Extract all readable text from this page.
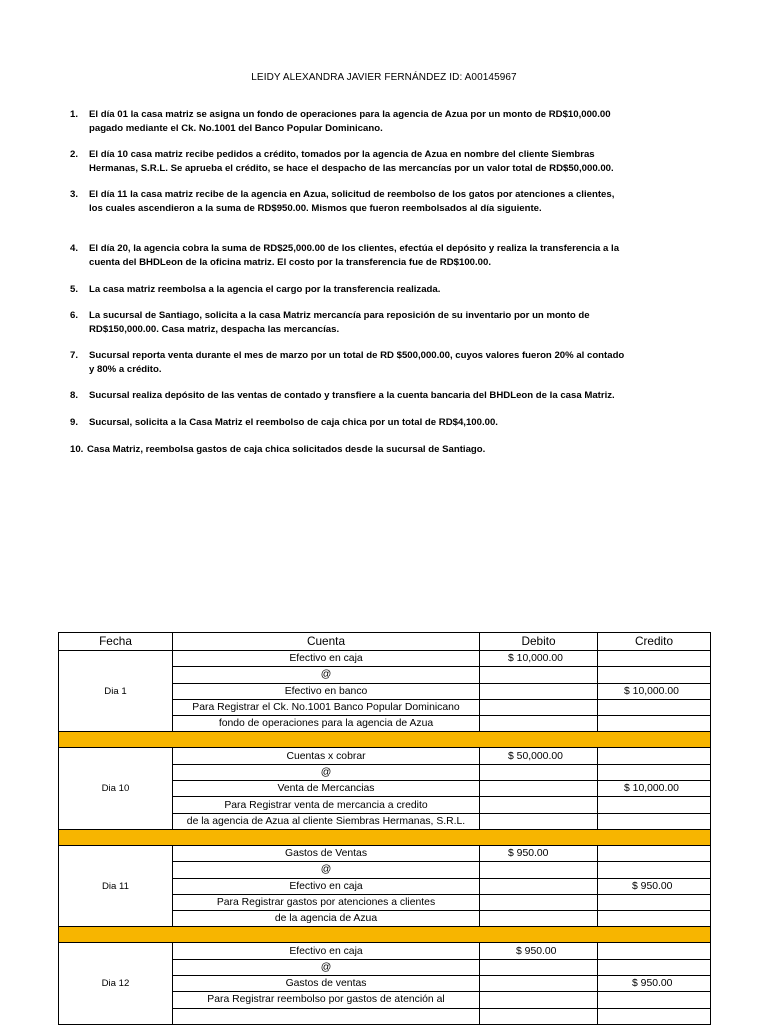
LEIDY ALEXANDRA JAVIER FERNÁNDEZ ID: A00145967
1.	El día 01 la casa matriz se asigna un fondo de operaciones para la agencia de Azua por un monto de RD$10,000.00
pagado mediante el Ck. No.1001 del Banco Popular Dominicano.
2.	El día 10 casa matriz recibe pedidos a crédito, tomados por la agencia de Azua en nombre del cliente Siembras
Hermanas, S.R.L. Se aprueba el crédito, se hace el despacho de las mercancías por un valor total de RD$50,000.00.
3.	El día 11 la casa matriz recibe de la agencia en Azua, solicitud de reembolso de los gatos por atenciones a clientes,
los cuales ascendieron a la suma de RD$950.00. Mismos que fueron reembolsados al día siguiente.
4.	El día 20, la agencia cobra la suma de RD$25,000.00 de los clientes, efectúa el depósito y realiza la transferencia a la
cuenta del BHDLeon de la oficina matriz. El costo por la transferencia fue de RD$100.00.
5.	La casa matriz reembolsa a la agencia el cargo por la transferencia realizada.
6.	La sucursal de Santiago, solicita a la casa Matriz mercancía para reposición de su inventario por un monto de
RD$150,000.00. Casa matriz, despacha las mercancías.
7.	Sucursal reporta venta durante el mes de marzo por un total de RD $500,000.00, cuyos valores fueron 20% al contado
y 80% a crédito.
8.	Sucursal realiza depósito de las ventas de contado y transfiere a la cuenta bancaria del BHDLeon de la casa Matriz.
9.	Sucursal, solicita a la Casa Matriz el reembolso de caja chica por un total de RD$4,100.00.
10. Casa Matriz, reembolsa gastos de caja chica solicitados desde la sucursal de Santiago.
Fecha	Cuenta	Debito	Credito
Dia 1	Efectivo en caja	$ 10,000.00	
	@		
	Efectivo en banco		$ 10,000.00
	Para Registrar el Ck. No.1001 Banco Popular Dominicano		
	fondo de operaciones para la agencia de Azua		

Dia 10	Cuentas x cobrar	$ 50,000.00	
	@		
	Venta de Mercancias		$ 10,000.00
	Para Registrar venta de mercancia a credito		
	de la agencia de Azua al cliente Siembras Hermanas, S.R.L.		

Dia 11	Gastos de Ventas	$ 950.00	
	@		
	Efectivo en caja		$ 950.00
	Para Registrar gastos por atenciones a clientes		
	de la agencia de Azua		

Dia 12	Efectivo en caja	$ 950.00	
	@		
	Gastos de ventas		$ 950.00
	Para Registrar reembolso por gastos de atención al		
